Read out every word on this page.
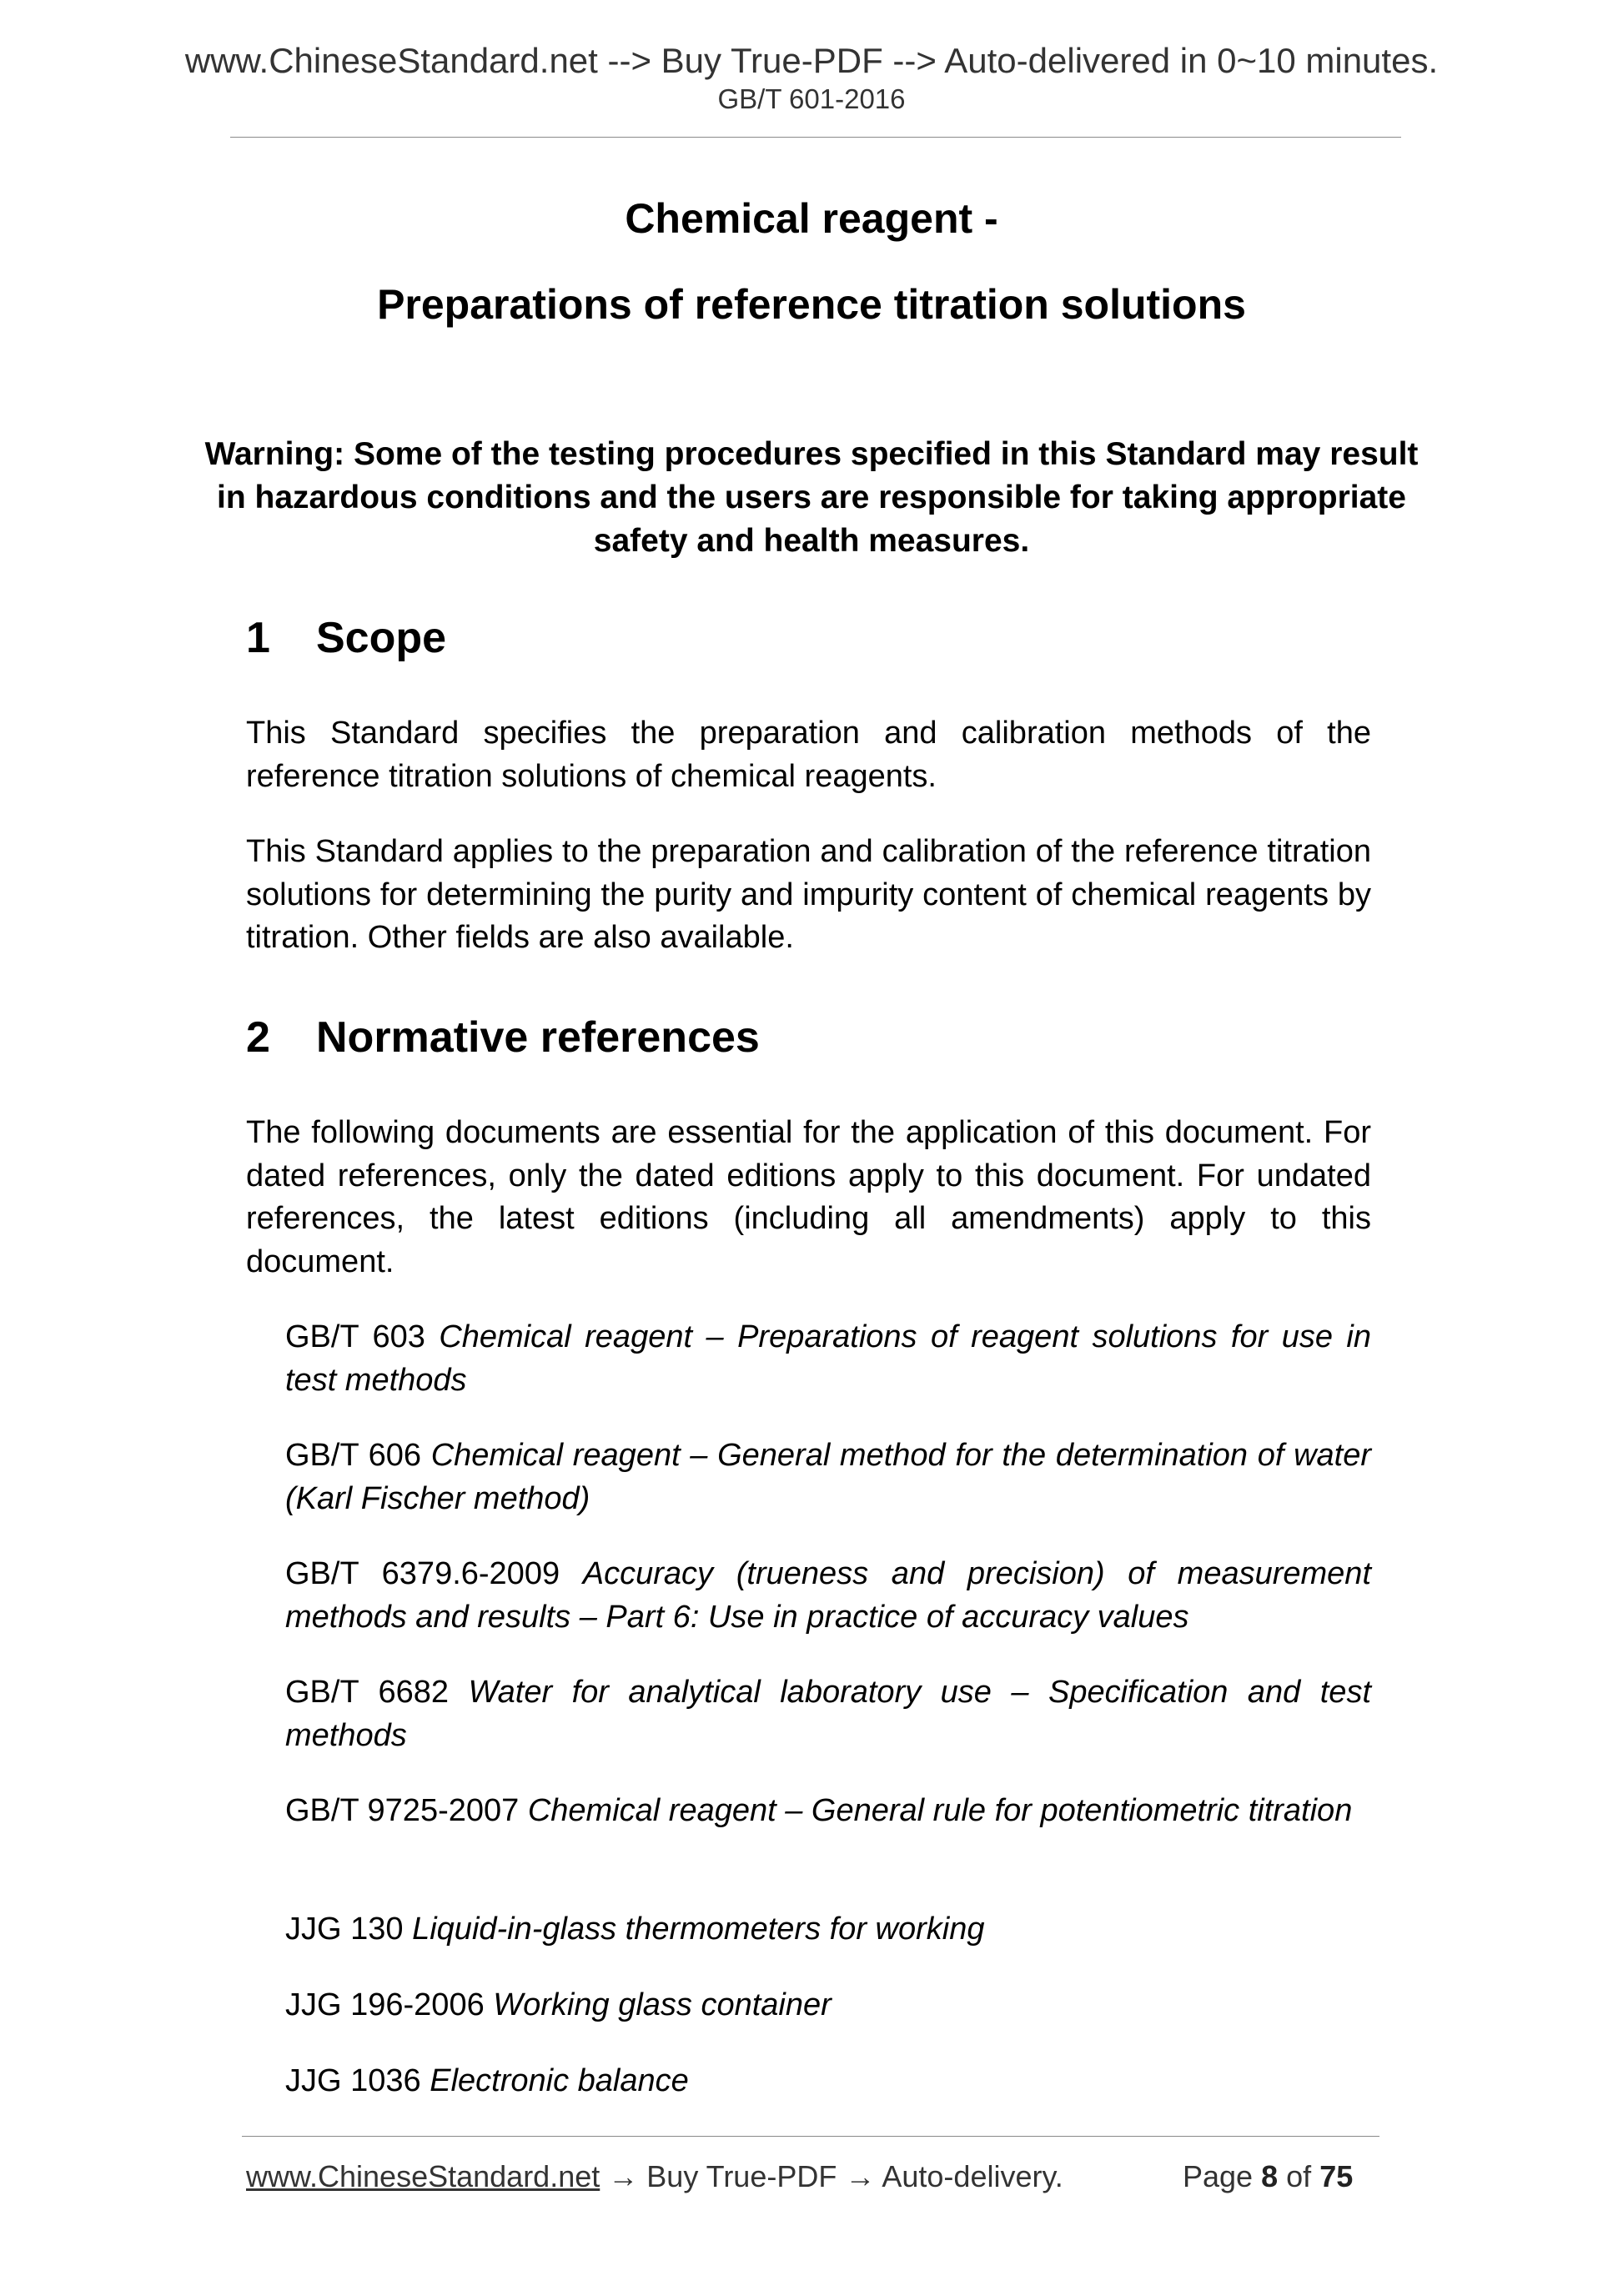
www.ChineseStandard.net --> Buy True-PDF --> Auto-delivered in 0~10 minutes.
GB/T 601-2016
Chemical reagent -
Preparations of reference titration solutions
Warning: Some of the testing procedures specified in this Standard may result in hazardous conditions and the users are responsible for taking appropriate safety and health measures.
1 Scope
This Standard specifies the preparation and calibration methods of the reference titration solutions of chemical reagents.
This Standard applies to the preparation and calibration of the reference titration solutions for determining the purity and impurity content of chemical reagents by titration. Other fields are also available.
2 Normative references
The following documents are essential for the application of this document. For dated references, only the dated editions apply to this document. For undated references, the latest editions (including all amendments) apply to this document.
GB/T 603 Chemical reagent – Preparations of reagent solutions for use in test methods
GB/T 606 Chemical reagent – General method for the determination of water (Karl Fischer method)
GB/T 6379.6-2009 Accuracy (trueness and precision) of measurement methods and results – Part 6: Use in practice of accuracy values
GB/T 6682 Water for analytical laboratory use – Specification and test methods
GB/T 9725-2007 Chemical reagent – General rule for potentiometric titration
JJG 130 Liquid-in-glass thermometers for working
JJG 196-2006 Working glass container
JJG 1036 Electronic balance
www.ChineseStandard.net → Buy True-PDF → Auto-delivery.	Page 8 of 75
